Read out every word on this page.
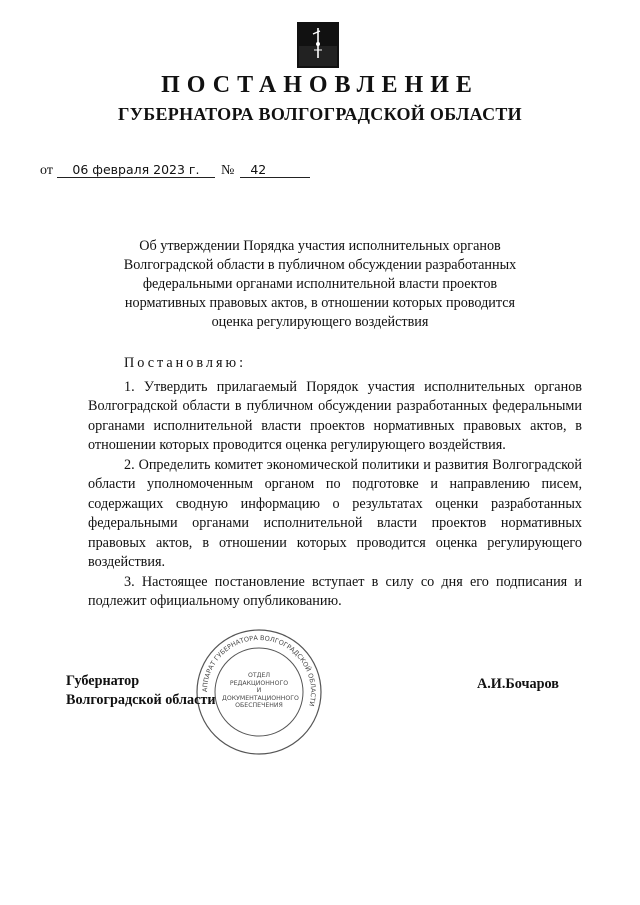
ПОСТАНОВЛЕНИЕ
ГУБЕРНАТОРА ВОЛГОГРАДСКОЙ ОБЛАСТИ
от 06 февраля 2023 г.	№ 42
Об утверждении Порядка участия исполнительных органов Волгоградской области в публичном обсуждении разработанных федеральными органами исполнительной власти проектов нормативных правовых актов, в отношении которых проводится оценка регулирующего воздействия
Постановляю:

1. Утвердить прилагаемый Порядок участия исполнительных органов Волгоградской области в публичном обсуждении разработанных федеральными органами исполнительной власти проектов нормативных правовых актов, в отношении которых проводится оценка регулирующего воздействия.

2. Определить комитет экономической политики и развития Волгоградской области уполномоченным органом по подготовке и направлению писем, содержащих сводную информацию о результатах оценки разработанных федеральными органами исполнительной власти проектов нормативных правовых актов, в отношении которых проводится оценка регулирующего воздействия.

3. Настоящее постановление вступает в силу со дня его подписания и подлежит официальному опубликованию.

АППАРАТ ГУБЕРНАТОРА ВОЛГОГРАДСКОЙ ОБЛАСТИ
ОТДЕЛ
РЕДАКЦИОННОГО
И ДОКУМЕНТАЦИОННОГО
ОБЕСПЕЧЕНИЯ
Губернатор
Волгоградской области
А.И.Бочаров
